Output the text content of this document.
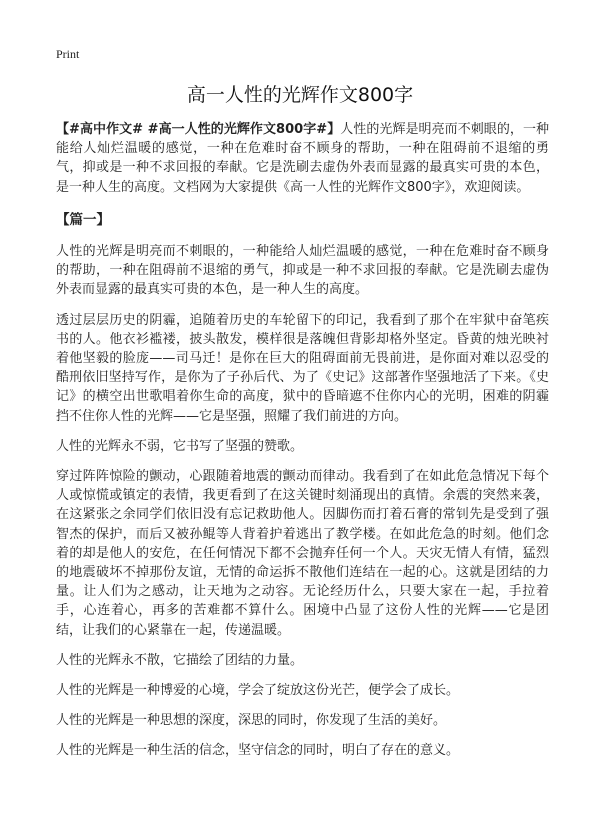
Print
高一人性的光辉作文800字

【#高中作文# #高一人性的光辉作文800字#】人性的光辉是明亮而不刺眼的，一种能给人灿烂温暖的感觉，一种在危难时奋不顾身的帮助，一种在阻碍前不退缩的勇气，抑或是一种不求回报的奉献。它是洗刷去虚伪外表而显露的最真实可贵的本色，是一种人生的高度。文档网为大家提供《高一人性的光辉作文800字》，欢迎阅读。

【篇一】

人性的光辉是明亮而不刺眼的，一种能给人灿烂温暖的感觉，一种在危难时奋不顾身的帮助，一种在阻碍前不退缩的勇气，抑或是一种不求回报的奉献。它是洗刷去虚伪外表而显露的最真实可贵的本色，是一种人生的高度。

透过层层历史的阴霾，追随着历史的车轮留下的印记，我看到了那个在牢狱中奋笔疾书的人。他衣衫褴褛，披头散发，模样很是落魄但背影却格外坚定。昏黄的烛光映衬着他坚毅的脸庞——司马迁！是你在巨大的阻碍面前无畏前进，是你面对难以忍受的酷刑依旧坚持写作，是你为了子孙后代、为了《史记》这部著作坚强地活了下来。《史记》的横空出世歌唱着你生命的高度，狱中的昏暗遮不住你内心的光明，困难的阴霾挡不住你人性的光辉——它是坚强，照耀了我们前进的方向。

人性的光辉永不弱，它书写了坚强的赞歌。

穿过阵阵惊险的颤动，心跟随着地震的颤动而律动。我看到了在如此危急情况下每个人或惊慌或镇定的表情，我更看到了在这关键时刻涌现出的真情。余震的突然来袭，在这紧张之余同学们依旧没有忘记救助他人。因脚伤而打着石膏的常钊先是受到了强智杰的保护，而后又被孙鲲等人背着护着逃出了教学楼。在如此危急的时刻。他们念着的却是他人的安危，在任何情况下都不会抛弃任何一个人。天灾无情人有情，猛烈的地震破坏不掉那份友谊，无情的命运拆不散他们连结在一起的心。这就是团结的力量。让人们为之感动，让天地为之动容。无论经历什么，只要大家在一起，手拉着手，心连着心，再多的苦难都不算什么。困境中凸显了这份人性的光辉——它是团结，让我们的心紧靠在一起，传递温暖。

人性的光辉永不散，它描绘了团结的力量。

人性的光辉是一种博爱的心境，学会了绽放这份光芒，便学会了成长。

人性的光辉是一种思想的深度，深思的同时，你发现了生活的美好。

人性的光辉是一种生活的信念，坚守信念的同时，明白了存在的意义。
